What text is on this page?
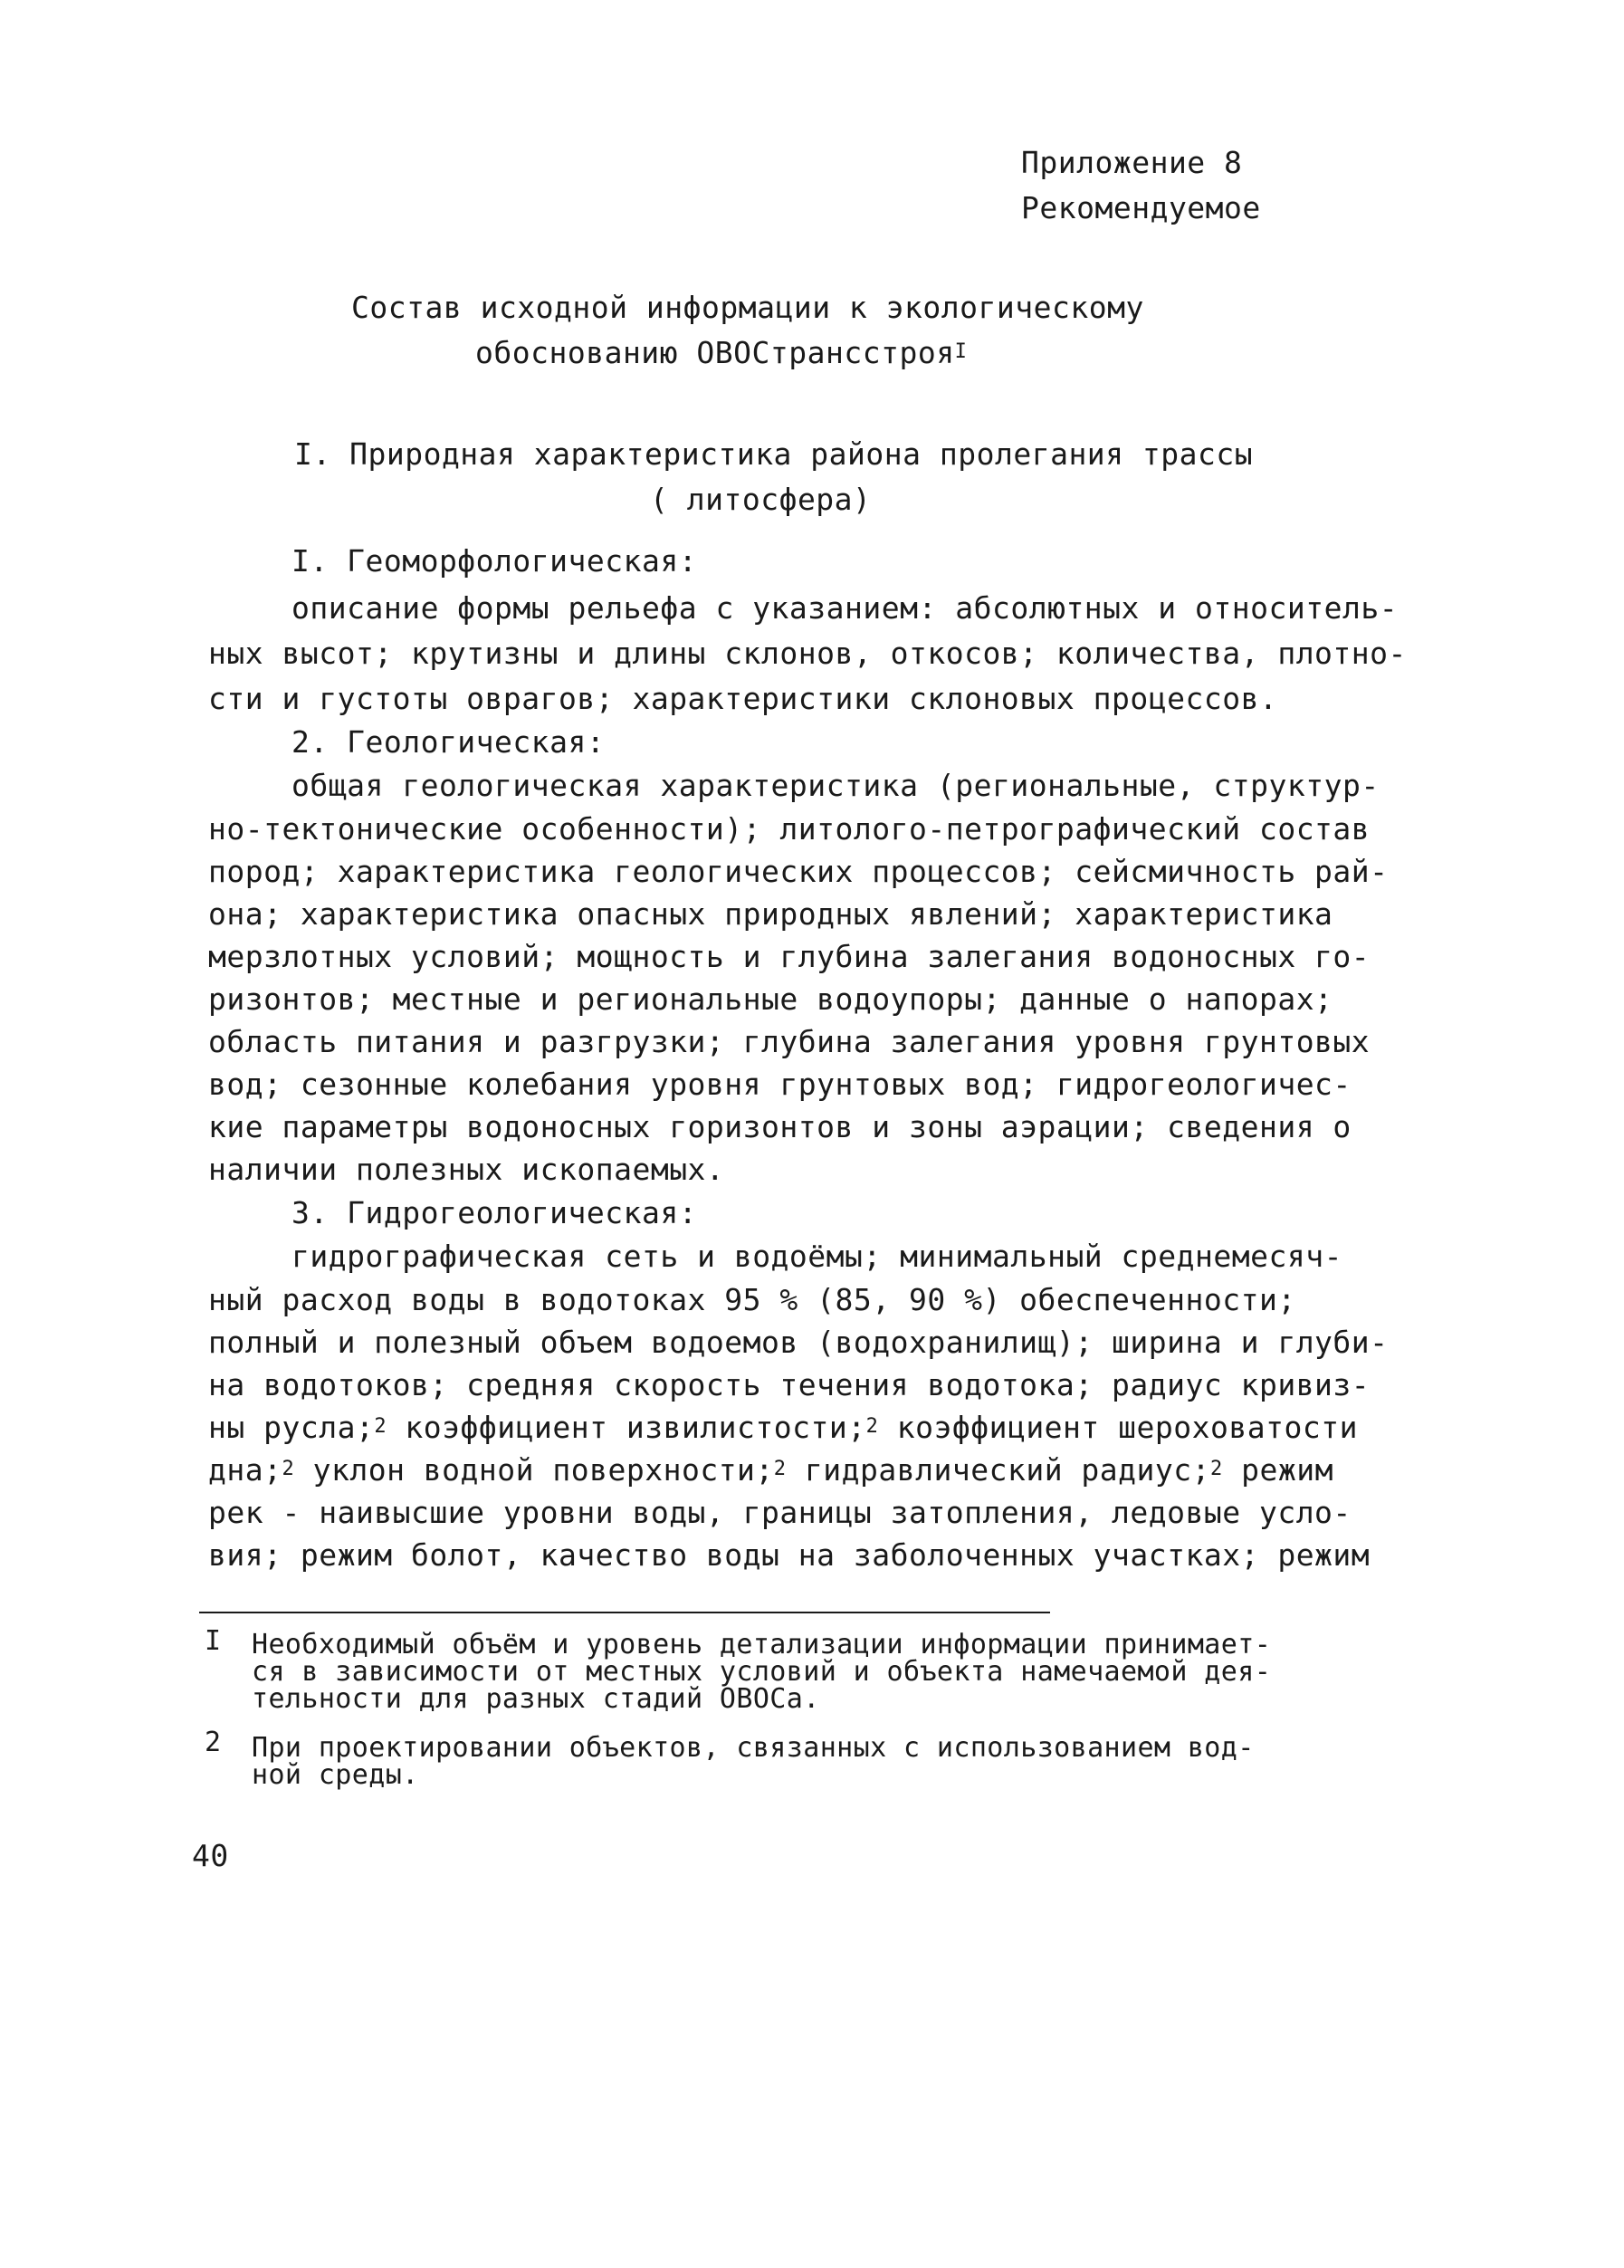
Приложение 8
Рекомендуемое
Состав исходной информации к экологическому
обоснованию ОВОСтрансстроя$^I$
I. Природная характеристика района пролегания трассы
( литосфера)
I. Геоморфологическая:
описание формы рельефа с указанием: абсолютных и относитель-
ных высот; крутизны и длины склонов, откосов; количества, плотно-
сти и густоты оврагов; характеристики склоновых процессов.
2. Геологическая:
общая геологическая характеристика (региональные, структур-
но-тектонические особенности); литолого-петрографический состав
пород; характеристика геологических процессов; сейсмичность рай-
она; характеристика опасных природных явлений; характеристика
мерзлотных условий; мощность и глубина залегания водоносных го-
ризонтов; местные и региональные водоупоры; данные о напорах;
область питания и разгрузки; глубина залегания уровня грунтовых
вод; сезонные колебания уровня грунтовых вод; гидрогеологичес-
кие параметры водоносных горизонтов и зоны аэрации; сведения о
наличии полезных ископаемых.
3. Гидрогеологическая:
гидрографическая сеть и водоёмы; минимальный среднемесяч-
ный расход воды в водотоках 95 % (85, 90 %) обеспеченности;
полный и полезный объем водоемов (водохранилищ); ширина и глуби-
на водотоков; средняя скорость течения водотока; радиус кривиз-
ны русла;$^2$ коэффициент извилистости;$^2$ коэффициент шероховатости
дна;$^2$ уклон водной поверхности;$^2$ гидравлический радиус;$^2$ режим
рек - наивысшие уровни воды, границы затопления, ледовые усло-
вия; режим болот, качество воды на заболоченных участках; режим
I Необходимый объём и уровень детализации информации принимает-
ся в зависимости от местных условий и объекта намечаемой дея-
тельности для разных стадий ОВОСа.
2 При проектировании объектов, связанных с использованием вод-
ной среды.
40
